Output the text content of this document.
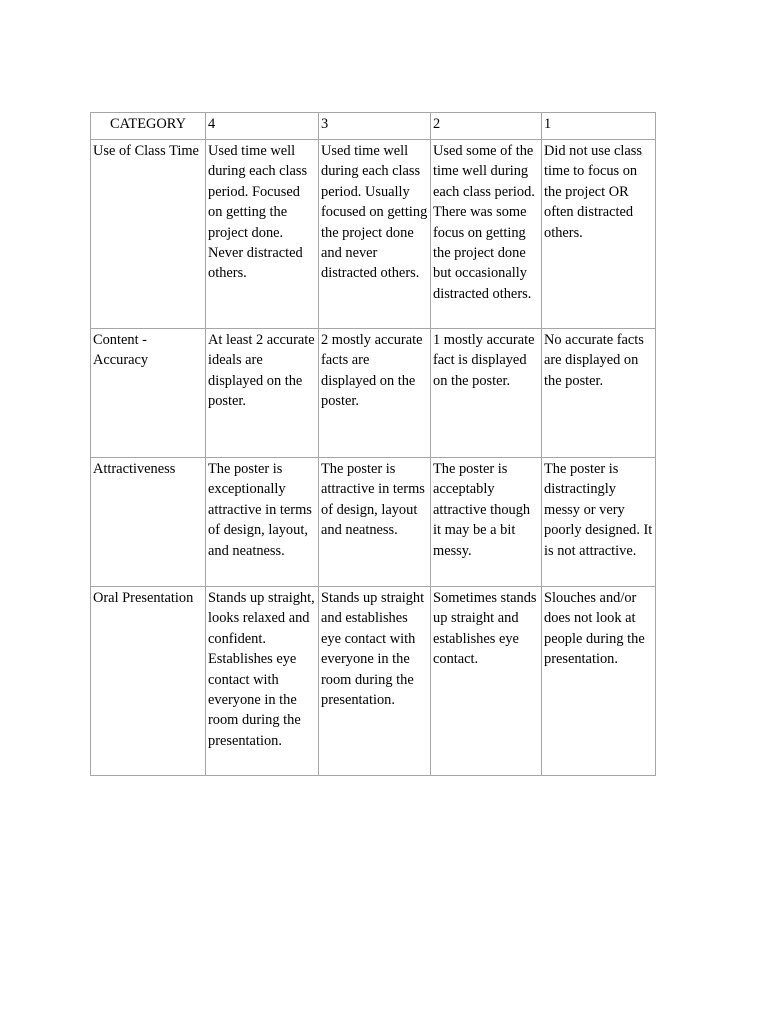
CATEGORY	4	3	2	1
Use of Class Time	Used time well during each class period. Focused on getting the project done. Never distracted others.	Used time well during each class period. Usually focused on getting the project done and never distracted others.	Used some of the time well during each class period. There was some focus on getting the project done but occasionally distracted others.	Did not use class time to focus on the project OR often distracted others.
Content - Accuracy	At least 2 accurate ideals are displayed on the poster.	2 mostly accurate facts are displayed on the poster.	1 mostly accurate fact is displayed on the poster.	No accurate facts are displayed on the poster.
Attractiveness	The poster is exceptionally attractive in terms of design, layout, and neatness.	The poster is attractive in terms of design, layout and neatness.	The poster is acceptably attractive though it may be a bit messy.	The poster is distractingly messy or very poorly designed. It is not attractive.
Oral Presentation	Stands up straight, looks relaxed and confident. Establishes eye contact with everyone in the room during the presentation.	Stands up straight and establishes eye contact with everyone in the room during the presentation.	Sometimes stands up straight and establishes eye contact.	Slouches and/or does not look at people during the presentation.
